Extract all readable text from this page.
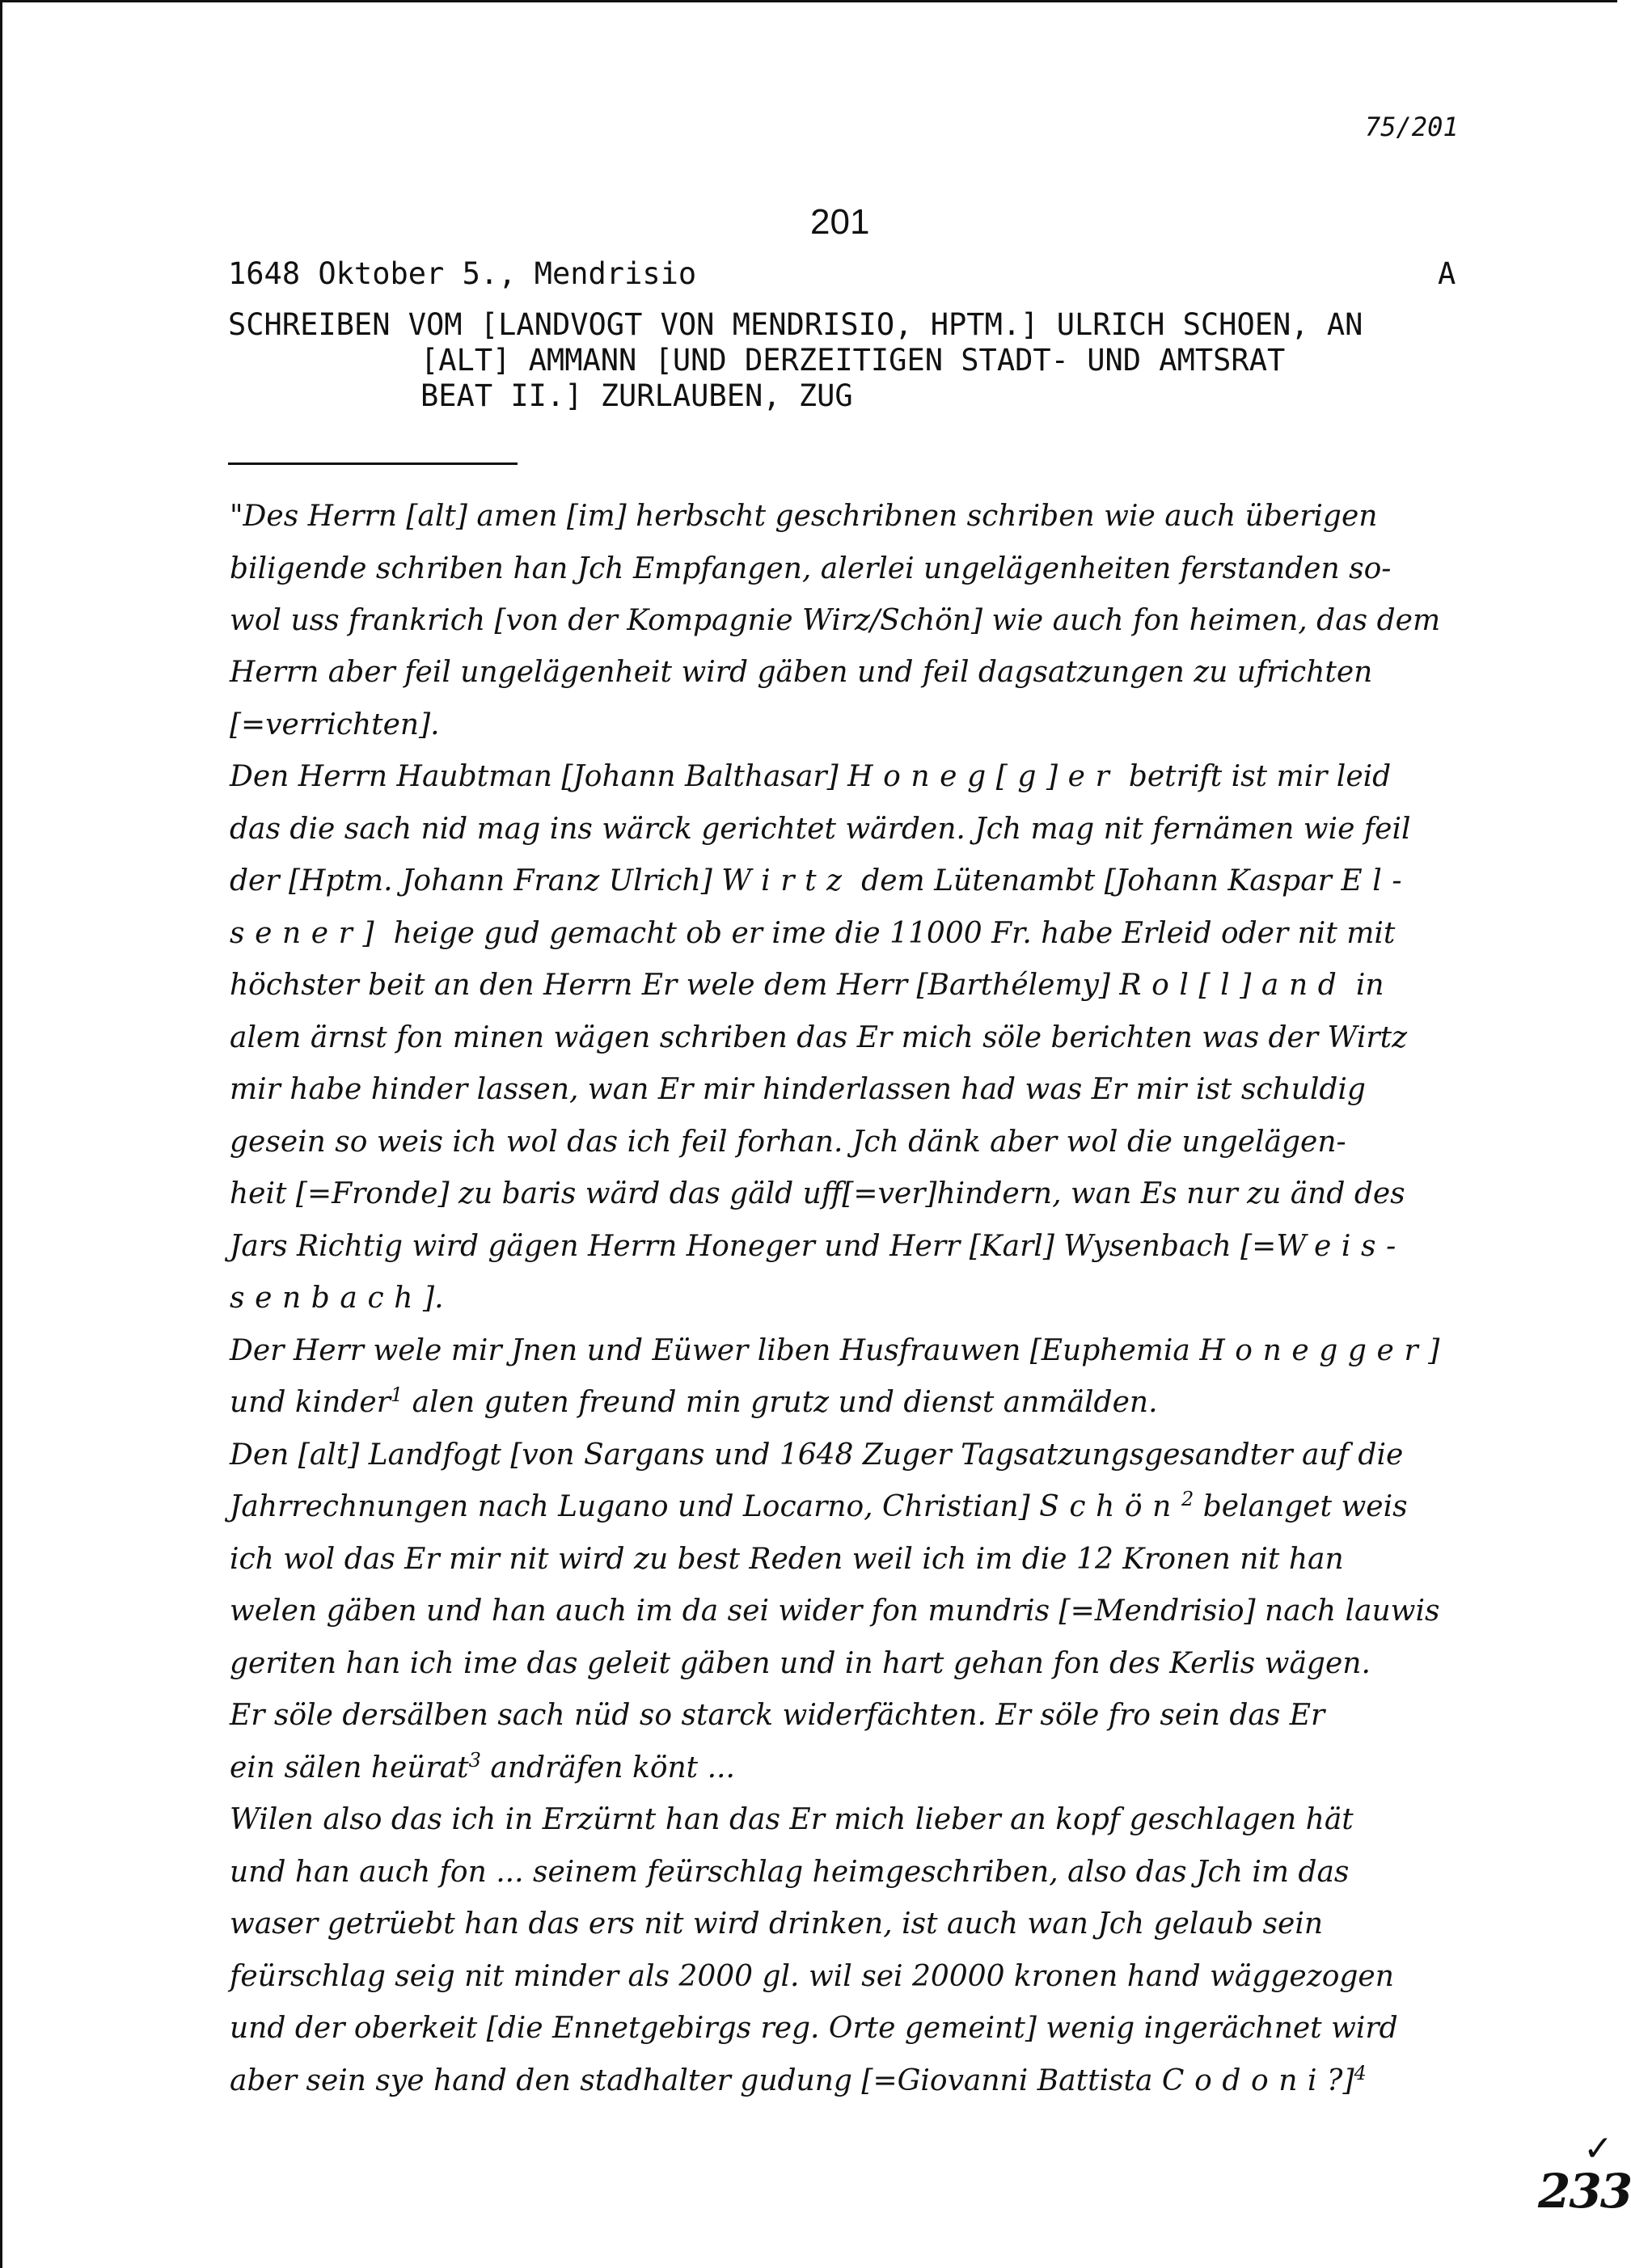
75/201
201
1648 Oktober 5., Mendrisio	A
SCHREIBEN VOM [LANDVOGT VON MENDRISIO, HPTM.] ULRICH SCHOEN, AN
[ALT] AMMANN [UND DERZEITIGEN STADT- UND AMTSRAT
BEAT II.] ZURLAUBEN, ZUG
"Des Herrn [alt] amen [im] herbscht geschribnen schriben wie auch überigen
biligende schriben han Jch Empfangen, alerlei ungelägenheiten ferstanden so-
wol uss frankrich [von der Kompagnie Wirz/Schön] wie auch fon heimen, das dem
Herrn aber feil ungelägenheit wird gäben und feil dagsatzungen zu ufrichten
[=verrichten].
Den Herrn Haubtman [Johann Balthasar] Honeg[g]er betrift ist mir leid
das die sach nid mag ins wärck gerichtet wärden. Jch mag nit fernämen wie feil
der [Hptm. Johann Franz Ulrich] Wirtz dem Lütenambt [Johann Kaspar El-
sener] heige gud gemacht ob er ime die 11000 Fr. habe Erleid oder nit mit
höchster beit an den Herrn Er wele dem Herr [Barthélemy] Rol[l]and in
alem ärnst fon minen wägen schriben das Er mich söle berichten was der Wirtz
mir habe hinder lassen, wan Er mir hinderlassen had was Er mir ist schuldig
gesein so weis ich wol das ich feil forhan. Jch dänk aber wol die ungelägen-
heit [=Fronde] zu baris wärd das gäld uff[=ver]hindern, wan Es nur zu änd des
Jars Richtig wird gägen Herrn Honeger und Herr [Karl] Wysenbach [=Weis-
senbach].
Der Herr wele mir Jnen und Eüwer liben Husfrauwen [Euphemia Honegger]
und kinder$^1$ alen guten freund min grutz und dienst anmälden.
Den [alt] Landfogt [von Sargans und 1648 Zuger Tagsatzungsgesandter auf die
Jahrrechnungen nach Lugano und Locarno, Christian] Schön$^2$ belanget weis
ich wol das Er mir nit wird zu best Reden weil ich im die 12 Kronen nit han
welen gäben und han auch im da sei wider fon mundris [=Mendrisio] nach lauwis
geriten han ich ime das geleit gäben und in hart gehan fon des Kerlis wägen.
Er söle dersälben sach nüd so starck widerfächten. Er söle fro sein das Er
ein sälen heürat$^3$ andräfen könt ...
Wilen also das ich in Erzürnt han das Er mich lieber an kopf geschlagen hät
und han auch fon ... seinem feürschlag heimgeschriben, also das Jch im das
waser getrüebt han das ers nit wird drinken, ist auch wan Jch gelaub sein
feürschlag seig nit minder als 2000 gl. wil sei 20000 kronen hand wäggezogen
und der oberkeit [die Ennetgebirgs reg. Orte gemeint] wenig ingerächnet wird
aber sein sye hand den stadhalter gudung [=Giovanni Battista Codoni?]$^4$
✓
233
